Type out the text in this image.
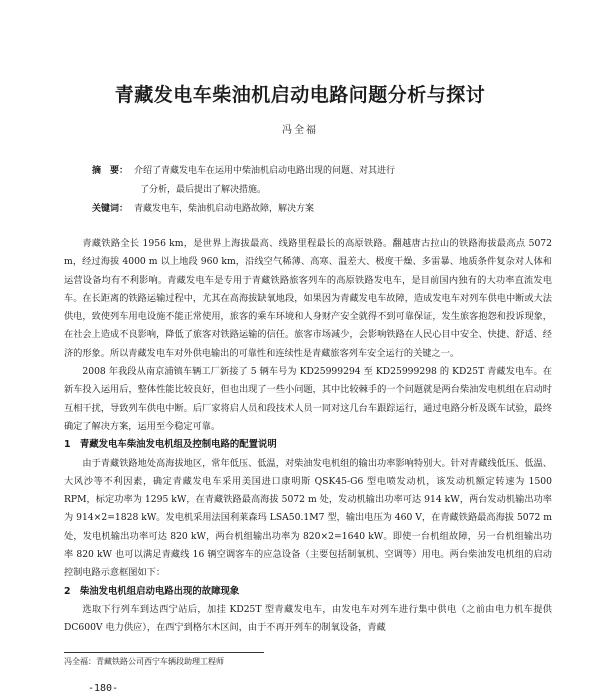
青藏发电车柴油机启动电路问题分析与探讨
冯全福
摘　要： 介绍了青藏发电车在运用中柴油机启动电路出现的问题、对其进行
了分析，最后提出了解决措施。
关键词： 青藏发电车，柴油机启动电路故障，解决方案

青藏铁路全长 1956 km，是世界上海拔最高、线路里程最长的高原铁路。翻越唐古拉山的铁路海拔最高点 5072 m，经过海拔 4000 m 以上地段 960 km，沿线空气稀薄、高寒、温差大、极度干燥、多雷暴、地质条件复杂对人体和运营设备均有不利影响。青藏发电车是专用于青藏铁路旅客列车的高原铁路发电车，是目前国内独有的大功率直流发电车。在长距离的铁路运输过程中，尤其在高海拔缺氧地段，如果因为青藏发电车故障，造成发电车对列车供电中断或大法供电，致使列车用电设施不能正常使用，旅客的乘车环境和人身财产安全就得不到可靠保证，发生旅客抱怨和投诉现象，在社会上造成不良影响，降低了旅客对铁路运输的信任。旅客市场减少，会影响铁路在人民心目中安全、快捷、舒适、经济的形象。所以青藏发电车对外供电输出的可靠性和连续性是青藏旅客列车安全运行的关键之一。

2008 年我段从南京浦镇车辆工厂新接了 5 辆车号为 KD25999294 至 KD25999298 的 KD25T 青藏发电车。在新车投入运用后，整体性能比较良好，但也出现了一些小问题，其中比较棘手的一个问题就是两台柴油发电机组在启动时互相干扰，导致列车供电中断。后厂家将启人员和段技术人员一同对这几台车跟踪运行，通过电路分析及既车试验，最终确定了解决方案，运用至今稳定可靠。

1　青藏发电车柴油发电机组及控制电路的配置说明

由于青藏铁路地处高海拔地区，常年低压、低温，对柴油发电机组的输出功率影响特别大。针对青藏线低压、低温、大风沙等不利因素，确定青藏发电车采用美国进口康明斯 QSK45-G6 型电喷发动机，该发动机额定转速为 1500 RPM，标定功率为 1295 kW，在青藏铁路最高海拔 5072 m 处，发动机输出功率可达 914 kW，两台发动机输出功率为 914×2=1828 kW。发电机采用法国利莱森玛 LSA50.1M7 型，输出电压为 460 V，在青藏铁路最高海拔 5072 m 处，发电机输出功率可达 820 kW，两台机组输出功率为 820×2=1640 kW。即使一台机组故障，另一台机组输出功率 820 kW 也可以满足青藏线 16 辆空调客车的应急设备（主要包括制氧机、空调等）用电。两台柴油发电机组的启动控制电路示意框图如下：

2　柴油发电机组启动电路出现的故障现象

选取下行列车到达西宁站后，加挂 KD25T 型青藏发电车，由发电车对列车进行集中供电（之前由电力机车提供 DC600V 电力供应），在西宁到格尔木区间，由于不再开列车的制氧设备，青藏

冯全福：青藏铁路公司西宁车辆段助理工程师
-180-
